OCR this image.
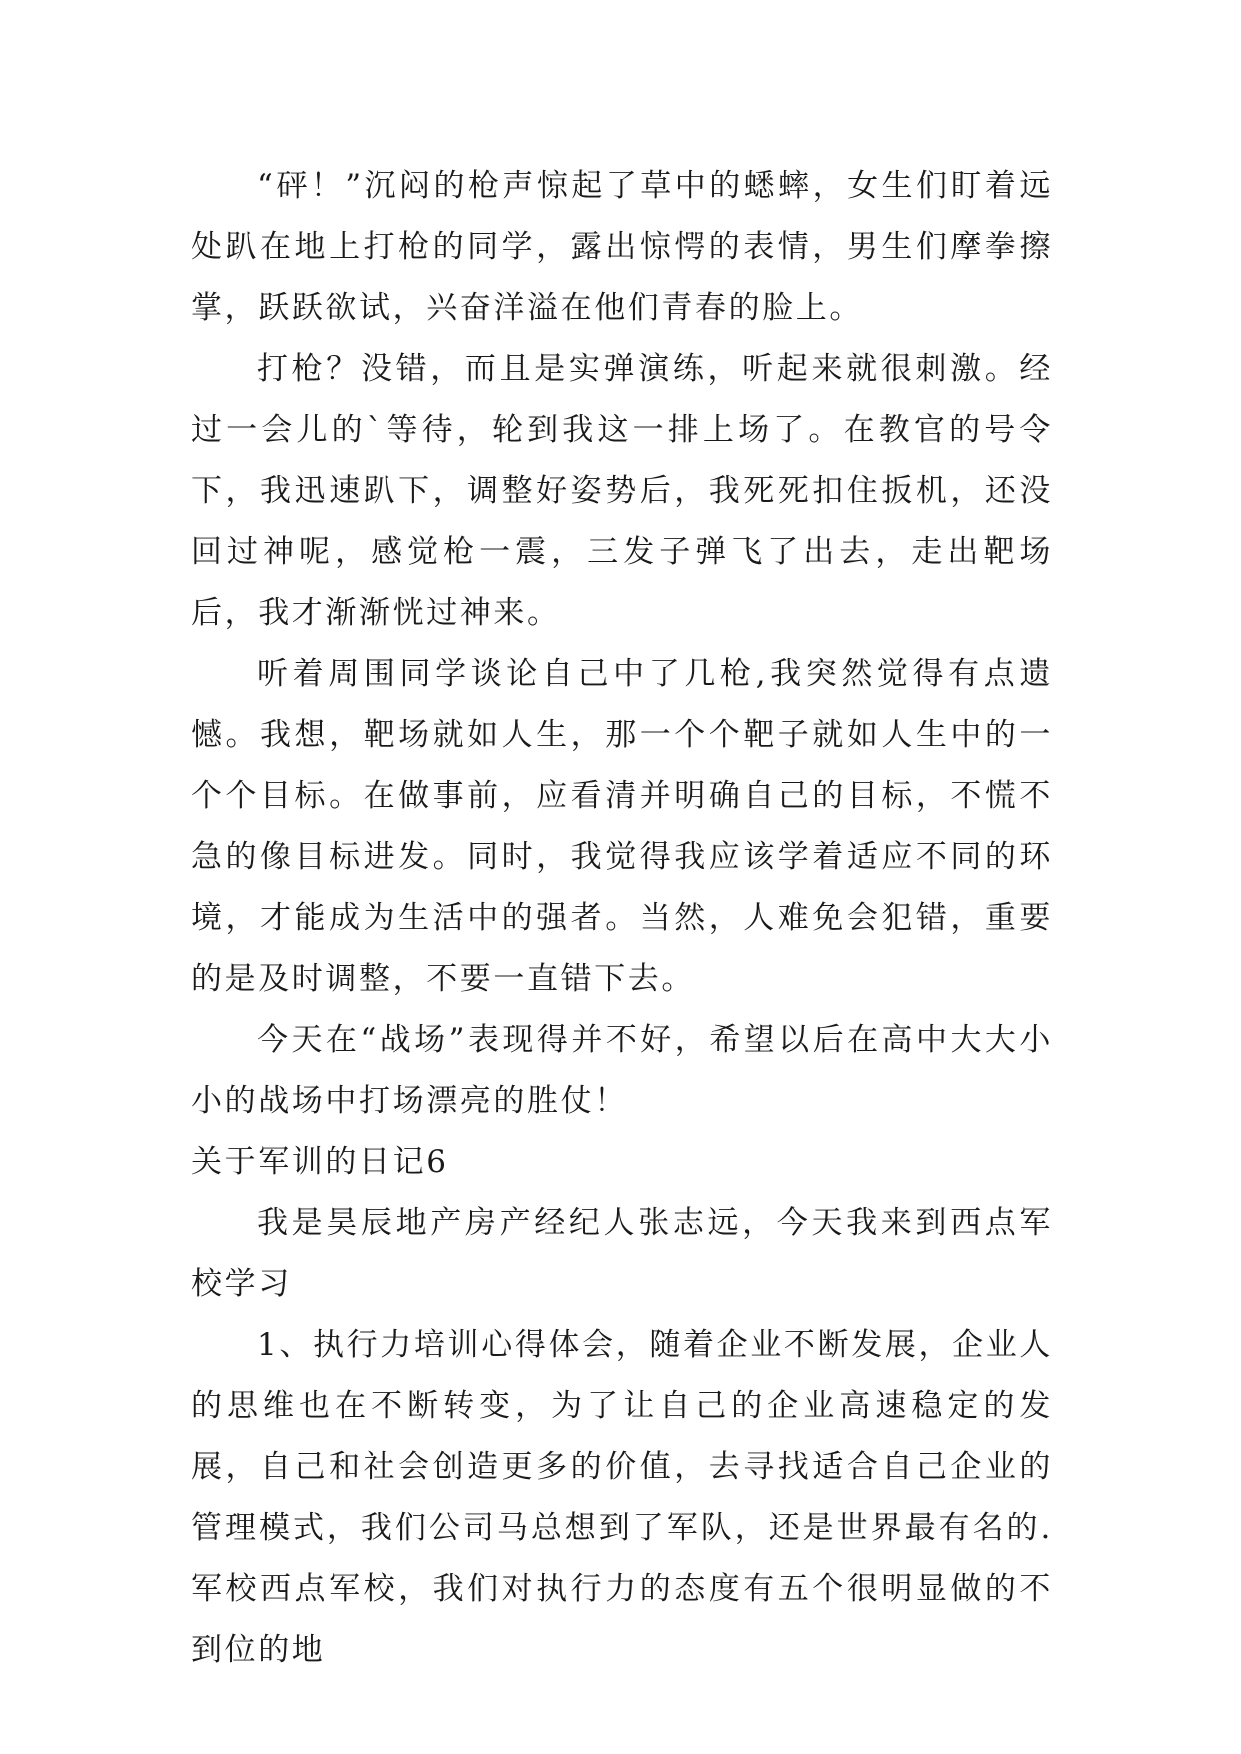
“砰！”沉闷的枪声惊起了草中的蟋蟀，女生们盯着远处趴在地上打枪的同学，露出惊愕的表情，男生们摩拳擦掌，跃跃欲试，兴奋洋溢在他们青春的脸上。

打枪？没错，而且是实弹演练，听起来就很刺激。经过一会儿的`等待，轮到我这一排上场了。在教官的号令下，我迅速趴下，调整好姿势后，我死死扣住扳机，还没回过神呢，感觉枪一震，三发子弹飞了出去，走出靶场后，我才渐渐恍过神来。

听着周围同学谈论自己中了几枪,我突然觉得有点遗憾。我想，靶场就如人生，那一个个靶子就如人生中的一个个目标。在做事前，应看清并明确自己的目标，不慌不急的像目标进发。同时，我觉得我应该学着适应不同的环境，才能成为生活中的强者。当然，人难免会犯错，重要的是及时调整，不要一直错下去。

今天在“战场”表现得并不好，希望以后在高中大大小小的战场中打场漂亮的胜仗！

关于军训的日记6

我是昊辰地产房产经纪人张志远，今天我来到西点军校学习

1、执行力培训心得体会，随着企业不断发展，企业人的思维也在不断转变，为了让自己的企业高速稳定的发展，自己和社会创造更多的价值，去寻找适合自己企业的管理模式，我们公司马总想到了军队，还是世界最有名的.军校西点军校，我们对执行力的态度有五个很明显做的不到位的地
